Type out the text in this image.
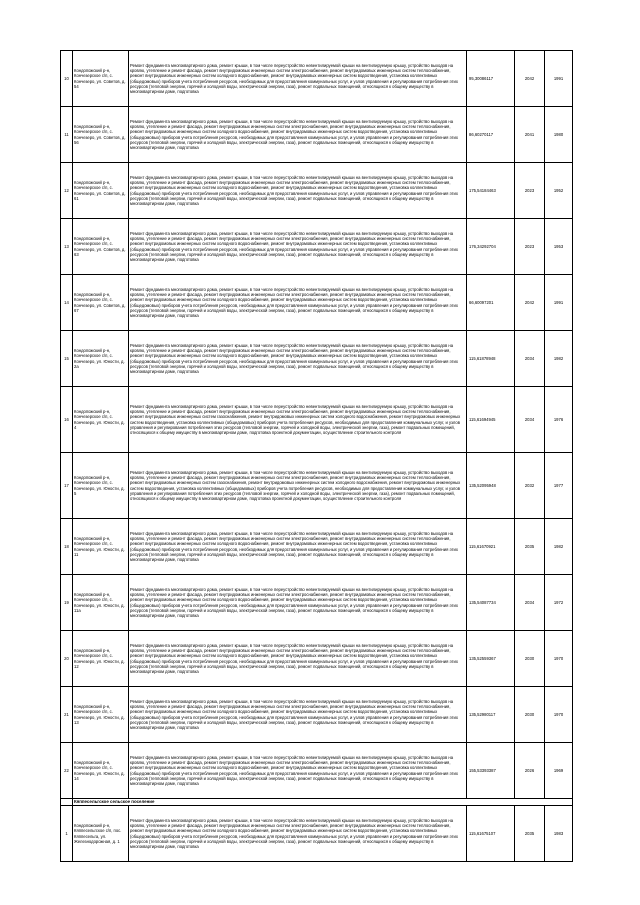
10	Кондопожский р-н, Кончезерское с/п, с. Кончезеро, ул. Советов, д. 54	Ремонт фундамента многоквартирного дома, ремонт крыши, в том числе переустройство невентилируемой крыши на вентилируемую крышу, устройство выходов на кровлю, утепление и ремонт фасада, ремонт внутридомовых инженерных систем электроснабжения, ремонт внутридомовых инженерных систем теплоснабжения, ремонт внутридомовых инженерных систем холодного водоснабжения, ремонт внутридомовых инженерных систем водоотведения, установка коллективных (общедомовых) приборов учета потребления ресурсов, необходимых для предоставления коммунальных услуг, и узлов управления и регулирования потребления этих ресурсов (тепловой энергии, горячей и холодной воды, электрической энергии, газа), ремонт подвальных помещений, относящихся к общему имуществу в многоквартирном доме, подготовка	95,30086117	2042	1991
11	Кондопожский р-н, Кончезерское с/п, с. Кончезеро, ул. Советов, д. 56	Ремонт фундамента многоквартирного дома, ремонт крыши, в том числе переустройство невентилируемой крыши на вентилируемую крышу, устройство выходов на кровлю, утепление и ремонт фасада, ремонт внутридомовых инженерных систем электроснабжения, ремонт внутридомовых инженерных систем теплоснабжения, ремонт внутридомовых инженерных систем холодного водоснабжения, ремонт внутридомовых инженерных систем водоотведения, установка коллективных (общедомовых) приборов учета потребления ресурсов, необходимых для предоставления коммунальных услуг, и узлов управления и регулирования потребления этих ресурсов (тепловой энергии, горячей и холодной воды, электрической энергии, газа), ремонт подвальных помещений, относящихся к общему имуществу в многоквартирном доме, подготовка	86,60270117	2041	1980
12	Кондопожский р-н, Кончезерское с/п, с. Кончезеро, ул. Советов, д. 61	Ремонт фундамента многоквартирного дома, ремонт крыши, в том числе переустройство невентилируемой крыши на вентилируемую крышу, устройство выходов на кровлю, утепление и ремонт фасада, ремонт внутридомовых инженерных систем электроснабжения, ремонт внутридомовых инженерных систем теплоснабжения, ремонт внутридомовых инженерных систем холодного водоснабжения, ремонт внутридомовых инженерных систем водоотведения, установка коллективных (общедомовых) приборов учета потребления ресурсов, необходимых для предоставления коммунальных услуг, и узлов управления и регулирования потребления этих ресурсов (тепловой энергии, горячей и холодной воды, электрической энергии, газа), ремонт подвальных помещений, относящихся к общему имуществу в многоквартирном доме, подготовка	175,54184463	2023	1952
13	Кондопожский р-н, Кончезерское с/п, с. Кончезеро, ул. Советов, д. 63	Ремонт фундамента многоквартирного дома, ремонт крыши, в том числе переустройство невентилируемой крыши на вентилируемую крышу, устройство выходов на кровлю, утепление и ремонт фасада, ремонт внутридомовых инженерных систем электроснабжения, ремонт внутридомовых инженерных систем теплоснабжения, ремонт внутридомовых инженерных систем холодного водоснабжения, ремонт внутридомовых инженерных систем водоотведения, установка коллективных (общедомовых) приборов учета потребления ресурсов, необходимых для предоставления коммунальных услуг, и узлов управления и регулирования потребления этих ресурсов (тепловой энергии, горячей и холодной воды, электрической энергии, газа), ремонт подвальных помещений, относящихся к общему имуществу в многоквартирном доме, подготовка	176,34292704	2023	1953
14	Кондопожский р-н, Кончезерское с/п, с. Кончезеро, ул. Советов, д. 67	Ремонт фундамента многоквартирного дома, ремонт крыши, в том числе переустройство невентилируемой крыши на вентилируемую крышу, устройство выходов на кровлю, утепление и ремонт фасада, ремонт внутридомовых инженерных систем электроснабжения, ремонт внутридомовых инженерных систем теплоснабжения, ремонт внутридомовых инженерных систем холодного водоснабжения, ремонт внутридомовых инженерных систем водоотведения, установка коллективных (общедомовых) приборов учета потребления ресурсов, необходимых для предоставления коммунальных услуг, и узлов управления и регулирования потребления этих ресурсов (тепловой энергии, горячей и холодной воды, электрической энергии, газа), ремонт подвальных помещений, относящихся к общему имуществу в многоквартирном доме, подготовка	66,60097201	2042	1991
15	Кондопожский р-н, Кончезерское с/п, с. Кончезеро, ул. Юности, д. 2а	Ремонт фундамента многоквартирного дома, ремонт крыши, в том числе переустройство невентилируемой крыши на вентилируемую крышу, устройство выходов на кровлю, утепление и ремонт фасада, ремонт внутридомовых инженерных систем электроснабжения, ремонт внутридомовых инженерных систем теплоснабжения, ремонт внутридомовых инженерных систем холодного водоснабжения, ремонт внутридомовых инженерных систем водоотведения, установка коллективных (общедомовых) приборов учета потребления ресурсов, необходимых для предоставления коммунальных услуг, и узлов управления и регулирования потребления этих ресурсов (тепловой энергии, горячей и холодной воды, электрической энергии, газа), ремонт подвальных помещений, относящихся к общему имуществу в многоквартирном доме, подготовка	115,61878948	2034	1982
16	Кондопожский р-н, Кончезерское с/п, с. Кончезеро, ул. Юности, д. 4	Ремонт фундамента многоквартирного дома, ремонт крыши, в том числе переустройство невентилируемой крыши на вентилируемую крышу, устройство выходов на кровлю, утепление и ремонт фасада, ремонт внутридомовых инженерных систем электроснабжения, ремонт внутридомовых инженерных систем теплоснабжения, ремонт внутридомовых инженерных систем газоснабжения, ремонт внутридомовых инженерных систем холодного водоснабжения, ремонт внутридомовых инженерных систем водоотведения, установка коллективных (общедомовых) приборов учета потребления ресурсов, необходимых для предоставления коммунальных услуг, и узлов управления и регулирования потребления этих ресурсов (тепловой энергии, горячей и холодной воды, электрической энергии, газа), ремонт подвальных помещений, относящихся к общему имуществу в многоквартирном доме, подготовка проектной документации, осуществление строительного контроля	115,61694945	2034	1976
17	Кондопожский р-н, Кончезерское с/п, с. Кончезеро, ул. Юности, д. 5	Ремонт фундамента многоквартирного дома, ремонт крыши, в том числе переустройство невентилируемой крыши на вентилируемую крышу, устройство выходов на кровлю, утепление и ремонт фасада, ремонт внутридомовых инженерных систем электроснабжения, ремонт внутридомовых инженерных систем теплоснабжения, ремонт внутридомовых инженерных систем газоснабжения, ремонт внутридомовых инженерных систем холодного водоснабжения, ремонт внутридомовых инженерных систем водоотведения, установка коллективных (общедомовых) приборов учета потребления ресурсов, необходимых для предоставления коммунальных услуг, и узлов управления и регулирования потребления этих ресурсов (тепловой энергии, горячей и холодной воды, электрической энергии, газа), ремонт подвальных помещений, относящихся к общему имуществу в многоквартирном доме, подготовка проектной документации, осуществление строительного контроля	135,52095948	2032	1977
18	Кондопожский р-н, Кончезерское с/п, с. Кончезеро, ул. Юности, д. 11	Ремонт фундамента многоквартирного дома, ремонт крыши, в том числе переустройство невентилируемой крыши на вентилируемую крышу, устройство выходов на кровлю, утепление и ремонт фасада, ремонт внутридомовых инженерных систем электроснабжения, ремонт внутридомовых инженерных систем теплоснабжения, ремонт внутридомовых инженерных систем холодного водоснабжения, ремонт внутридомовых инженерных систем водоотведения, установка коллективных (общедомовых) приборов учета потребления ресурсов, необходимых для предоставления коммунальных услуг, и узлов управления и регулирования потребления этих ресурсов (тепловой энергии, горячей и холодной воды, электрической энергии, газа), ремонт подвальных помещений, относящихся к общему имуществу в многоквартирном доме, подготовка	115,61670921	2035	1982
19	Кондопожский р-н, Кончезерское с/п, с. Кончезеро, ул. Юности, д. 11а	Ремонт фундамента многоквартирного дома, ремонт крыши, в том числе переустройство невентилируемой крыши на вентилируемую крышу, устройство выходов на кровлю, утепление и ремонт фасада, ремонт внутридомовых инженерных систем электроснабжения, ремонт внутридомовых инженерных систем теплоснабжения, ремонт внутридомовых инженерных систем холодного водоснабжения, ремонт внутридомовых инженерных систем водоотведения, установка коллективных (общедомовых) приборов учета потребления ресурсов, необходимых для предоставления коммунальных услуг, и узлов управления и регулирования потребления этих ресурсов (тепловой энергии, горячей и холодной воды, электрической энергии, газа), ремонт подвальных помещений, относящихся к общему имуществу в многоквартирном доме, подготовка	135,54087734	2034	1972
20	Кондопожский р-н, Кончезерское с/п, с. Кончезеро, ул. Юности, д. 12	Ремонт фундамента многоквартирного дома, ремонт крыши, в том числе переустройство невентилируемой крыши на вентилируемую крышу, устройство выходов на кровлю, утепление и ремонт фасада, ремонт внутридомовых инженерных систем электроснабжения, ремонт внутридомовых инженерных систем теплоснабжения, ремонт внутридомовых инженерных систем холодного водоснабжения, ремонт внутридомовых инженерных систем водоотведения, установка коллективных (общедомовых) приборов учета потребления ресурсов, необходимых для предоставления коммунальных услуг, и узлов управления и регулирования потребления этих ресурсов (тепловой энергии, горячей и холодной воды, электрической энергии, газа), ремонт подвальных помещений, относящихся к общему имуществу в многоквартирном доме, подготовка	135,52559367	2030	1970
21	Кондопожский р-н, Кончезерское с/п, с. Кончезеро, ул. Юности, д. 13	Ремонт фундамента многоквартирного дома, ремонт крыши, в том числе переустройство невентилируемой крыши на вентилируемую крышу, устройство выходов на кровлю, утепление и ремонт фасада, ремонт внутридомовых инженерных систем электроснабжения, ремонт внутридомовых инженерных систем теплоснабжения, ремонт внутридомовых инженерных систем холодного водоснабжения, ремонт внутридомовых инженерных систем водоотведения, установка коллективных (общедомовых) приборов учета потребления ресурсов, необходимых для предоставления коммунальных услуг, и узлов управления и регулирования потребления этих ресурсов (тепловой энергии, горячей и холодной воды, электрической энергии, газа), ремонт подвальных помещений, относящихся к общему имуществу в многоквартирном доме, подготовка	135,52980117	2030	1970
22	Кондопожский р-н, Кончезерское с/п, с. Кончезеро, ул. Юности, д. 14	Ремонт фундамента многоквартирного дома, ремонт крыши, в том числе переустройство невентилируемой крыши на вентилируемую крышу, устройство выходов на кровлю, утепление и ремонт фасада, ремонт внутридомовых инженерных систем электроснабжения, ремонт внутридомовых инженерных систем теплоснабжения, ремонт внутридомовых инженерных систем холодного водоснабжения, ремонт внутридомовых инженерных систем водоотведения, установка коллективных (общедомовых) приборов учета потребления ресурсов, необходимых для предоставления коммунальных услуг, и узлов управления и регулирования потребления этих ресурсов (тепловой энергии, горячей и холодной воды, электрической энергии, газа), ремонт подвальных помещений, относящихся к общему имуществу в многоквартирном доме, подготовка	155,53393387	2026	1969
	Кяппесельгское сельское поселение				
1	Кондопожский р-н, Кяппесельгское с/п, пос. Кяппесельга, ул. Железнодорожная, д. 1	Ремонт фундамента многоквартирного дома, ремонт крыши, в том числе переустройство невентилируемой крыши на вентилируемую крышу, устройство выходов на кровлю, утепление и ремонт фасада, ремонт внутридомовых инженерных систем электроснабжения, ремонт внутридомовых инженерных систем теплоснабжения, ремонт внутридомовых инженерных систем холодного водоснабжения, ремонт внутридомовых инженерных систем водоотведения, установка коллективных (общедомовых) приборов учета потребления ресурсов, необходимых для предоставления коммунальных услуг, и узлов управления и регулирования потребления этих ресурсов (тепловой энергии, горячей и холодной воды, электрической энергии, газа), ремонт подвальных помещений, относящихся к общему имуществу в многоквартирном доме, подготовка	115,61675107	2035	1983
